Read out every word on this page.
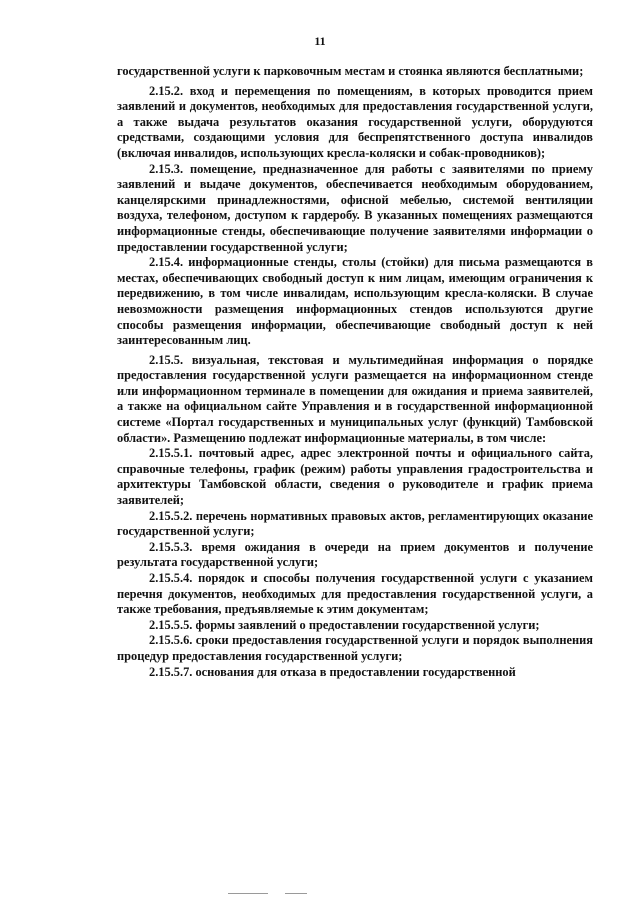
11

государственной услуги к парковочным местам и стоянка являются бесплатными;

2.15.2. вход и перемещения по помещениям, в которых проводится прием заявлений и документов, необходимых для предоставления государственной услуги, а также выдача результатов оказания государственной услуги, оборудуются средствами, создающими условия для беспрепятственного доступа инвалидов (включая инвалидов, использующих кресла-коляски и собак-проводников);

2.15.3. помещение, предназначенное для работы с заявителями по приему заявлений и выдаче документов, обеспечивается необходимым оборудованием, канцелярскими принадлежностями, офисной мебелью, системой вентиляции воздуха, телефоном, доступом к гардеробу. В указанных помещениях размещаются информационные стенды, обеспечивающие получение заявителями информации о предоставлении государственной услуги;

2.15.4. информационные стенды, столы (стойки) для письма размещаются в местах, обеспечивающих свободный доступ к ним лицам, имеющим ограничения к передвижению, в том числе инвалидам, использующим кресла-коляски. В случае невозможности размещения информационных стендов используются другие способы размещения информации, обеспечивающие свободный доступ к ней заинтересованным лиц.

2.15.5. визуальная, текстовая и мультимедийная информация о порядке предоставления государственной услуги размещается на информационном стенде или информационном терминале в помещении для ожидания и приема заявителей, а также на официальном сайте Управления и в государственной информационной системе «Портал государственных и муниципальных услуг (функций) Тамбовской области». Размещению подлежат информационные материалы, в том числе:

2.15.5.1. почтовый адрес, адрес электронной почты и официального сайта, справочные телефоны, график (режим) работы управления градостроительства и архитектуры Тамбовской области, сведения о руководителе и график приема заявителей;

2.15.5.2. перечень нормативных правовых актов, регламентирующих оказание государственной услуги;

2.15.5.3. время ожидания в очереди на прием документов и получение результата государственной услуги;

2.15.5.4. порядок и способы получения государственной услуги с указанием перечня документов, необходимых для предоставления государственной услуги, а также требования, предъявляемые к этим документам;

2.15.5.5. формы заявлений о предоставлении государственной услуги;

2.15.5.6. сроки предоставления государственной услуги и порядок выполнения процедур предоставления государственной услуги;

2.15.5.7. основания для отказа в предоставлении государственной
